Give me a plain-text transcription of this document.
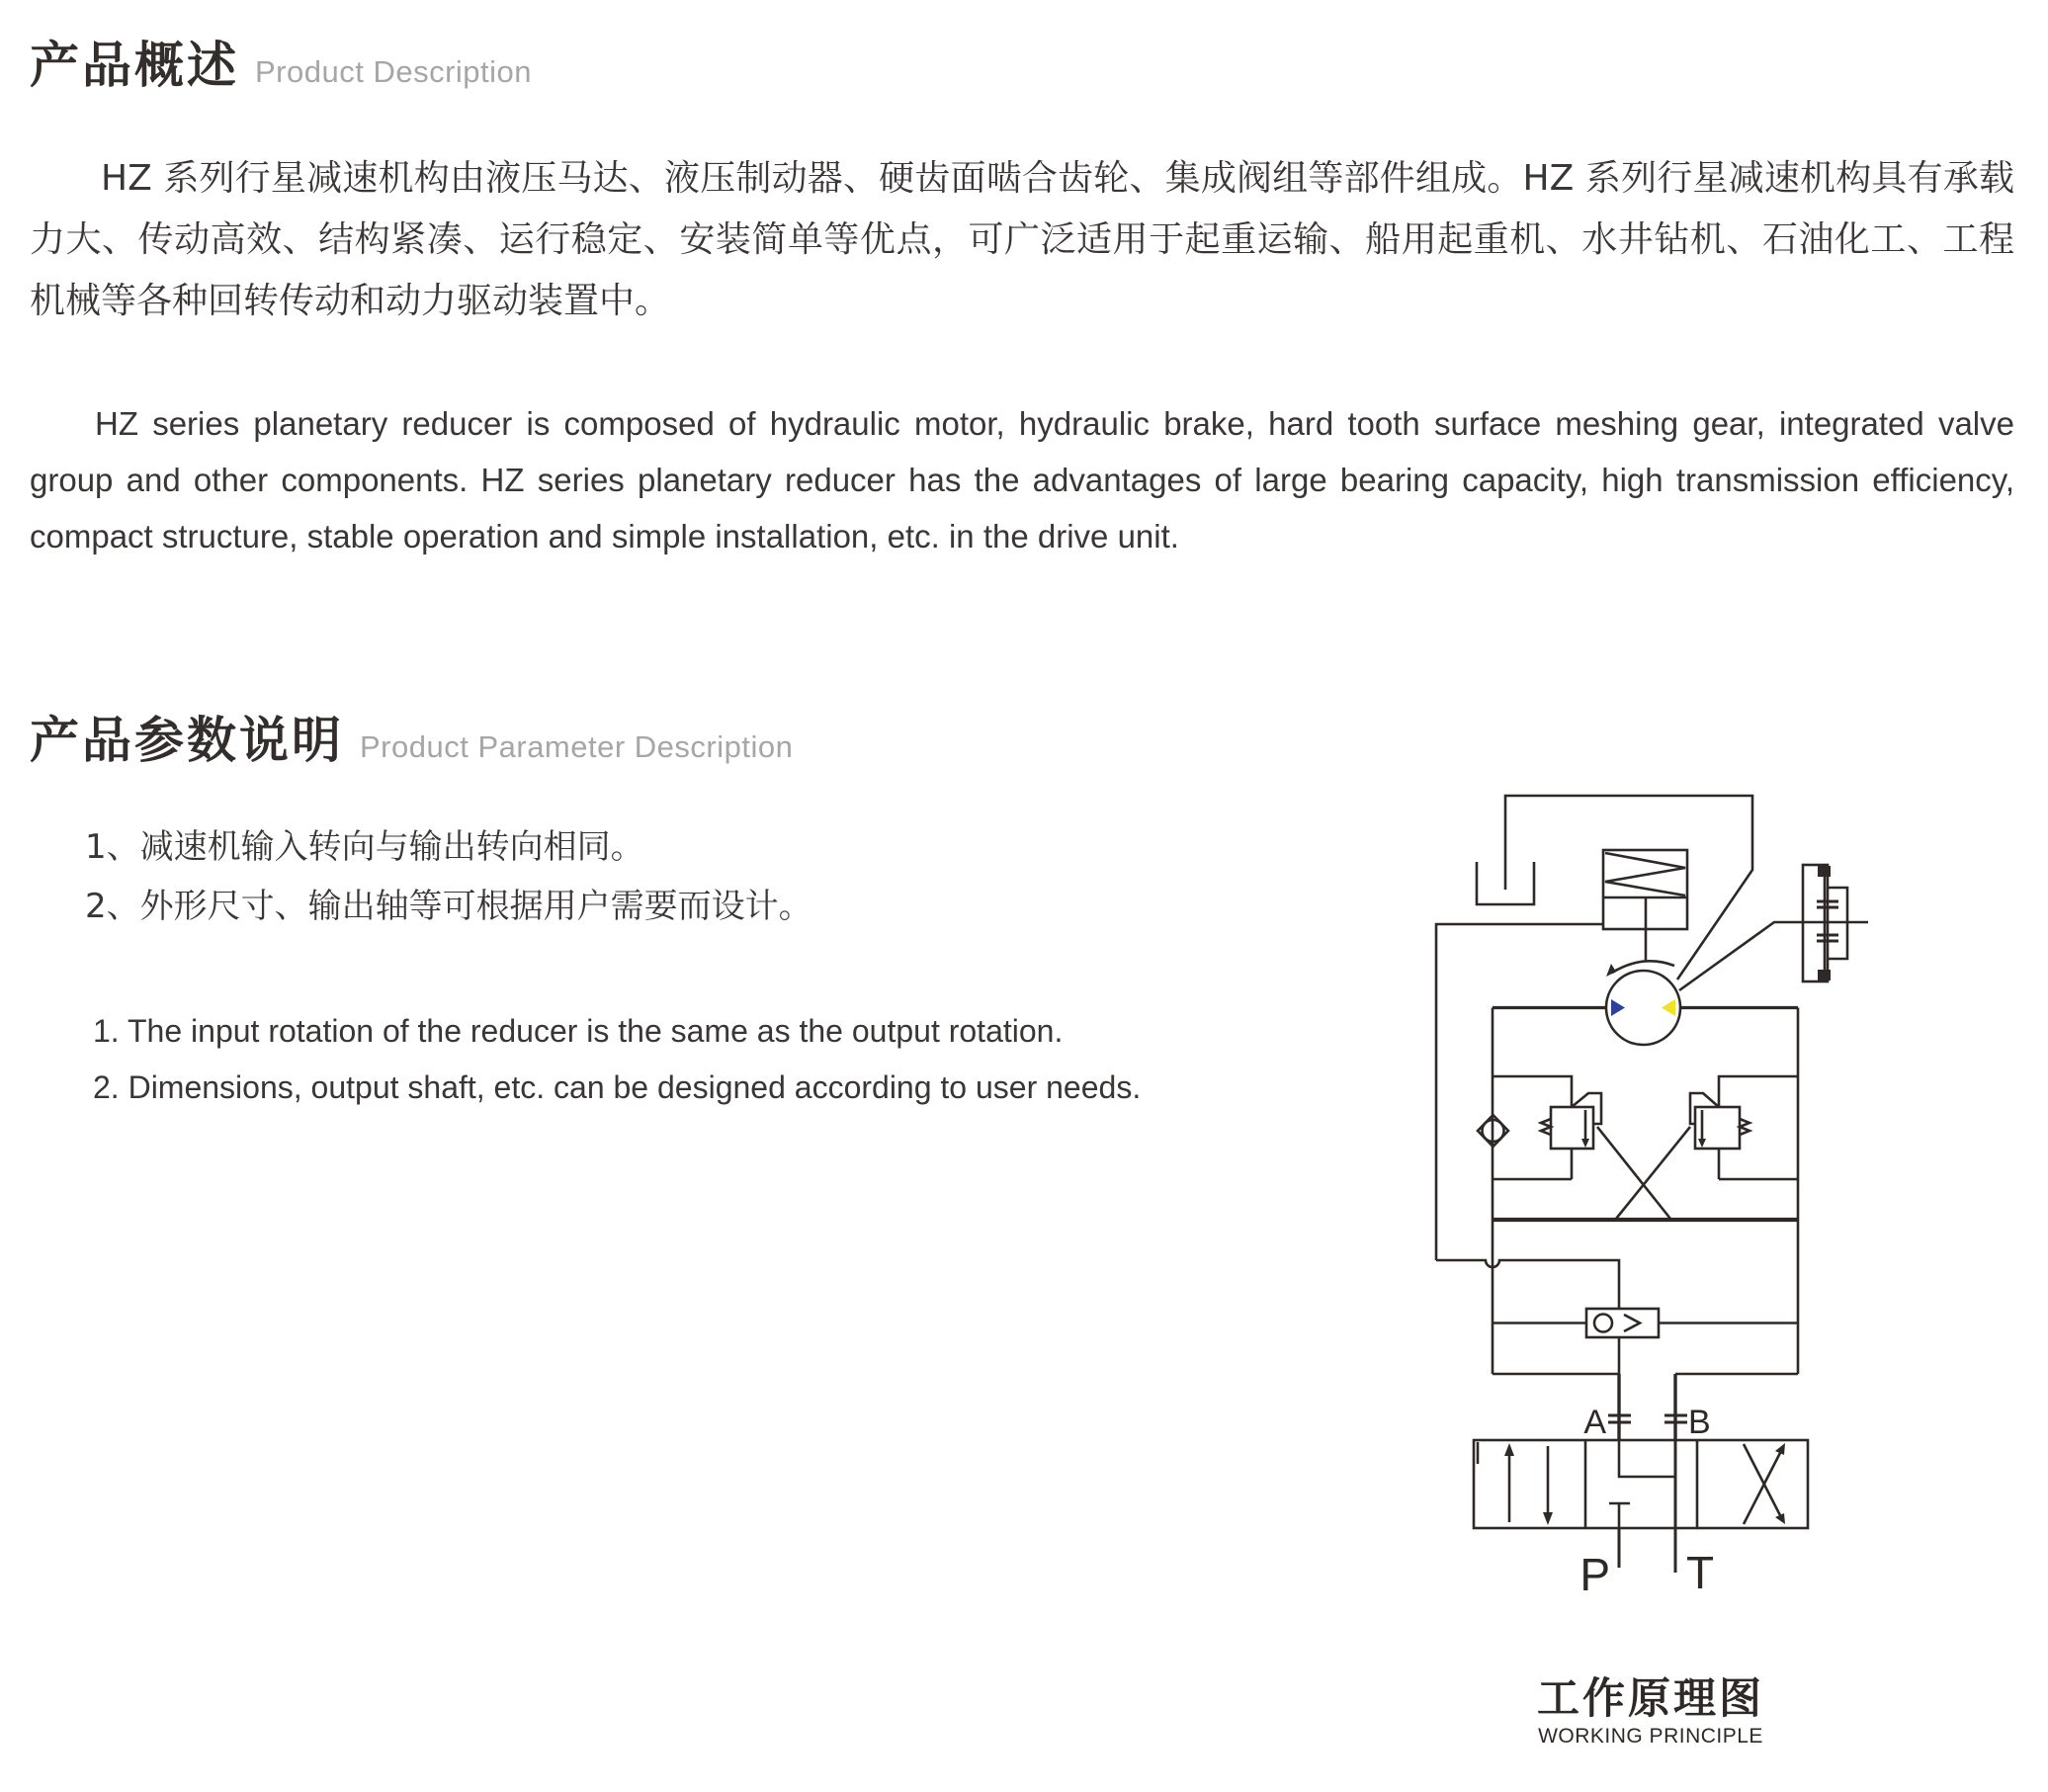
产品概述 Product Description

HZ 系列行星减速机构由液压马达、液压制动器、硬齿面啮合齿轮、集成阀组等部件组成。HZ 系列行星减速机构具有承载力大、传动高效、结构紧凑、运行稳定、安装简单等优点，可广泛适用于起重运输、船用起重机、水井钻机、石油化工、工程机械等各种回转传动和动力驱动装置中。

HZ series planetary reducer is composed of hydraulic motor, hydraulic brake, hard tooth surface meshing gear, integrated valve group and other components. HZ series planetary reducer has the advantages of large bearing capacity, high transmission efficiency, compact structure, stable operation and simple installation, etc. in the drive unit.

产品参数说明 Product Parameter Description
1、减速机输入转向与输出转向相同。
2、外形尺寸、输出轴等可根据用户需要而设计。
1. The input rotation of the reducer is the same as the output rotation.
2. Dimensions, output shaft, etc. can be designed according to user needs.
A B
P T
工作原理图
WORKING PRINCIPLE
